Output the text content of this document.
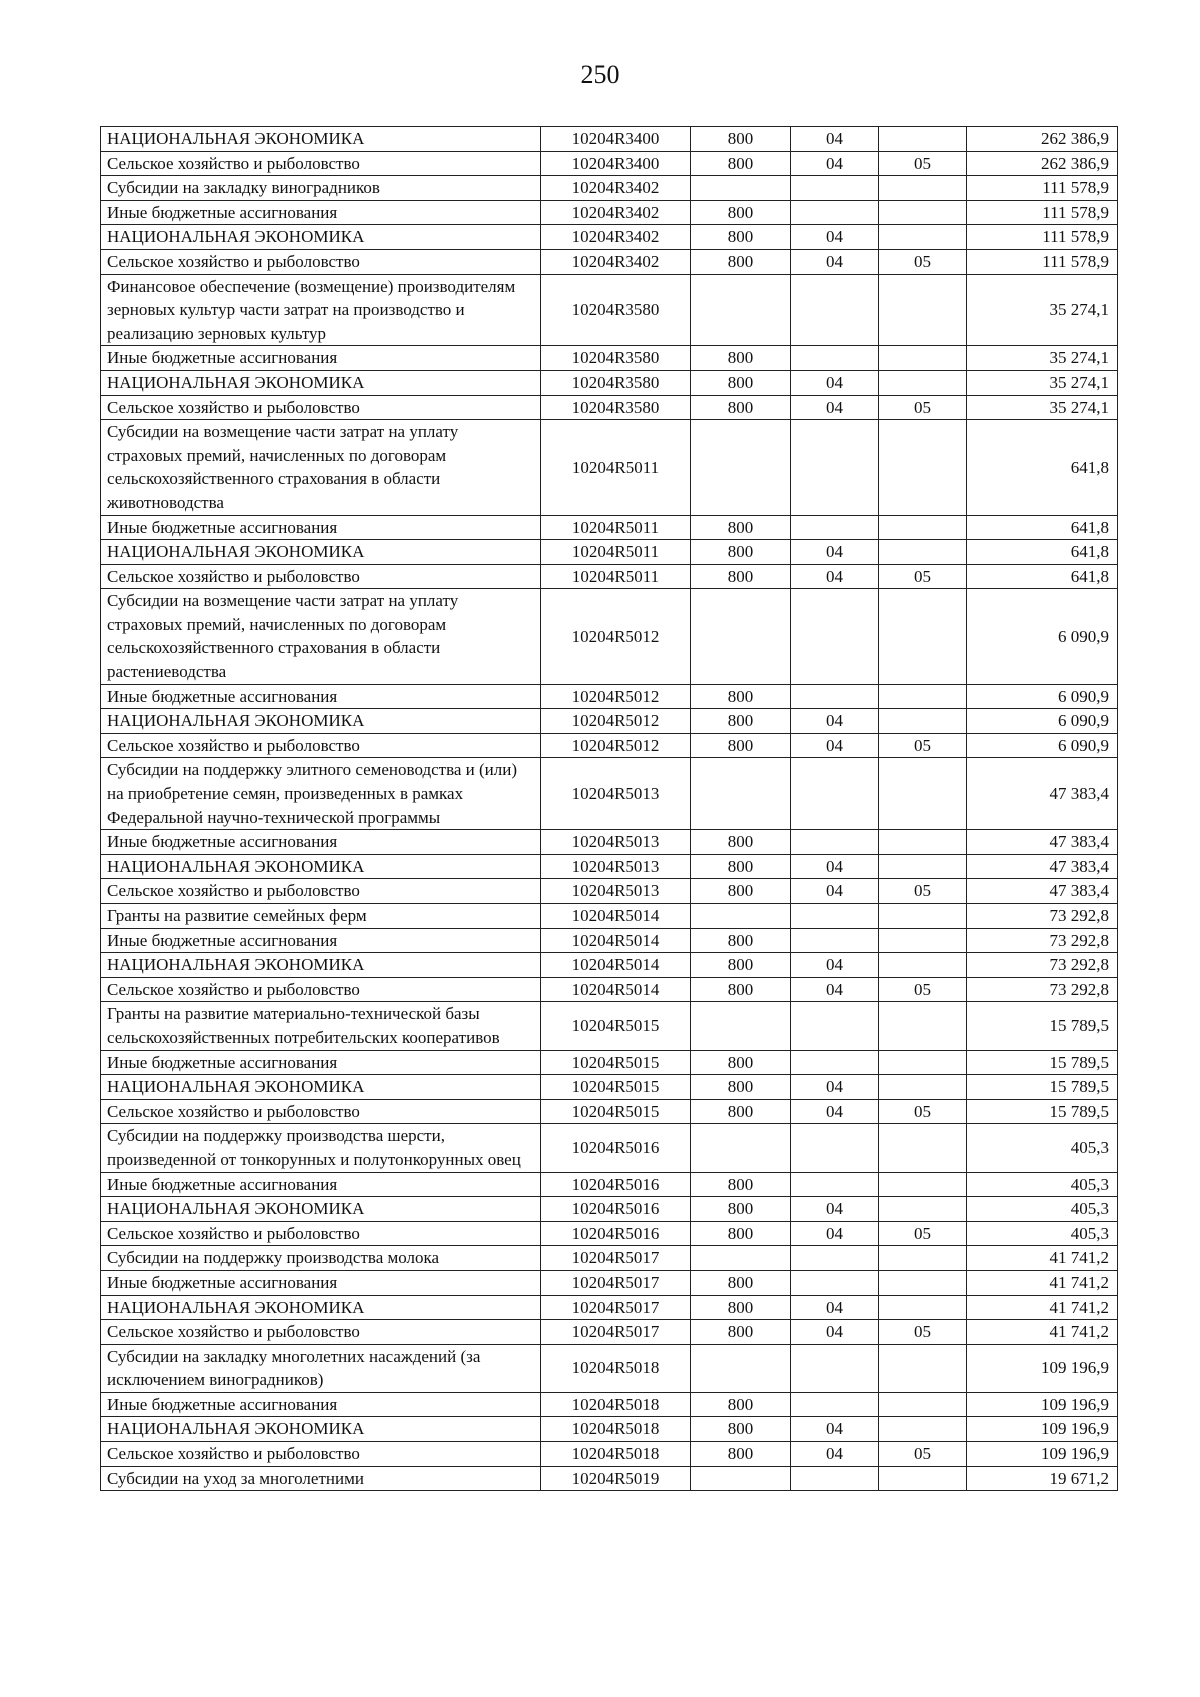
250
НАЦИОНАЛЬНАЯ ЭКОНОМИКА	10204R3400	800	04		262 386,9
Сельское хозяйство и рыболовство	10204R3400	800	04	05	262 386,9
Субсидии на закладку виноградников	10204R3402				111 578,9
Иные бюджетные ассигнования	10204R3402	800			111 578,9
НАЦИОНАЛЬНАЯ ЭКОНОМИКА	10204R3402	800	04		111 578,9
Сельское хозяйство и рыболовство	10204R3402	800	04	05	111 578,9
Финансовое обеспечение (возмещение) производителям зерновых культур части затрат на производство и реализацию зерновых культур	10204R3580				35 274,1
Иные бюджетные ассигнования	10204R3580	800			35 274,1
НАЦИОНАЛЬНАЯ ЭКОНОМИКА	10204R3580	800	04		35 274,1
Сельское хозяйство и рыболовство	10204R3580	800	04	05	35 274,1
Субсидии на возмещение части затрат на уплату страховых премий, начисленных по договорам сельскохозяйственного страхования в области животноводства	10204R5011				641,8
Иные бюджетные ассигнования	10204R5011	800			641,8
НАЦИОНАЛЬНАЯ ЭКОНОМИКА	10204R5011	800	04		641,8
Сельское хозяйство и рыболовство	10204R5011	800	04	05	641,8
Субсидии на возмещение части затрат на уплату страховых премий, начисленных по договорам сельскохозяйственного страхования в области растениеводства	10204R5012				6 090,9
Иные бюджетные ассигнования	10204R5012	800			6 090,9
НАЦИОНАЛЬНАЯ ЭКОНОМИКА	10204R5012	800	04		6 090,9
Сельское хозяйство и рыболовство	10204R5012	800	04	05	6 090,9
Субсидии на поддержку элитного семеноводства и (или) на приобретение семян, произведенных в рамках Федеральной научно-технической программы	10204R5013				47 383,4
Иные бюджетные ассигнования	10204R5013	800			47 383,4
НАЦИОНАЛЬНАЯ ЭКОНОМИКА	10204R5013	800	04		47 383,4
Сельское хозяйство и рыболовство	10204R5013	800	04	05	47 383,4
Гранты на развитие семейных ферм	10204R5014				73 292,8
Иные бюджетные ассигнования	10204R5014	800			73 292,8
НАЦИОНАЛЬНАЯ ЭКОНОМИКА	10204R5014	800	04		73 292,8
Сельское хозяйство и рыболовство	10204R5014	800	04	05	73 292,8
Гранты на развитие материально-технической базы сельскохозяйственных потребительских кооперативов	10204R5015				15 789,5
Иные бюджетные ассигнования	10204R5015	800			15 789,5
НАЦИОНАЛЬНАЯ ЭКОНОМИКА	10204R5015	800	04		15 789,5
Сельское хозяйство и рыболовство	10204R5015	800	04	05	15 789,5
Субсидии на поддержку производства шерсти, произведенной от тонкорунных и полутонкорунных овец	10204R5016				405,3
Иные бюджетные ассигнования	10204R5016	800			405,3
НАЦИОНАЛЬНАЯ ЭКОНОМИКА	10204R5016	800	04		405,3
Сельское хозяйство и рыболовство	10204R5016	800	04	05	405,3
Субсидии на поддержку производства молока	10204R5017				41 741,2
Иные бюджетные ассигнования	10204R5017	800			41 741,2
НАЦИОНАЛЬНАЯ ЭКОНОМИКА	10204R5017	800	04		41 741,2
Сельское хозяйство и рыболовство	10204R5017	800	04	05	41 741,2
Субсидии на закладку многолетних насаждений (за исключением виноградников)	10204R5018				109 196,9
Иные бюджетные ассигнования	10204R5018	800			109 196,9
НАЦИОНАЛЬНАЯ ЭКОНОМИКА	10204R5018	800	04		109 196,9
Сельское хозяйство и рыболовство	10204R5018	800	04	05	109 196,9
Субсидии на уход за многолетними	10204R5019				19 671,2
